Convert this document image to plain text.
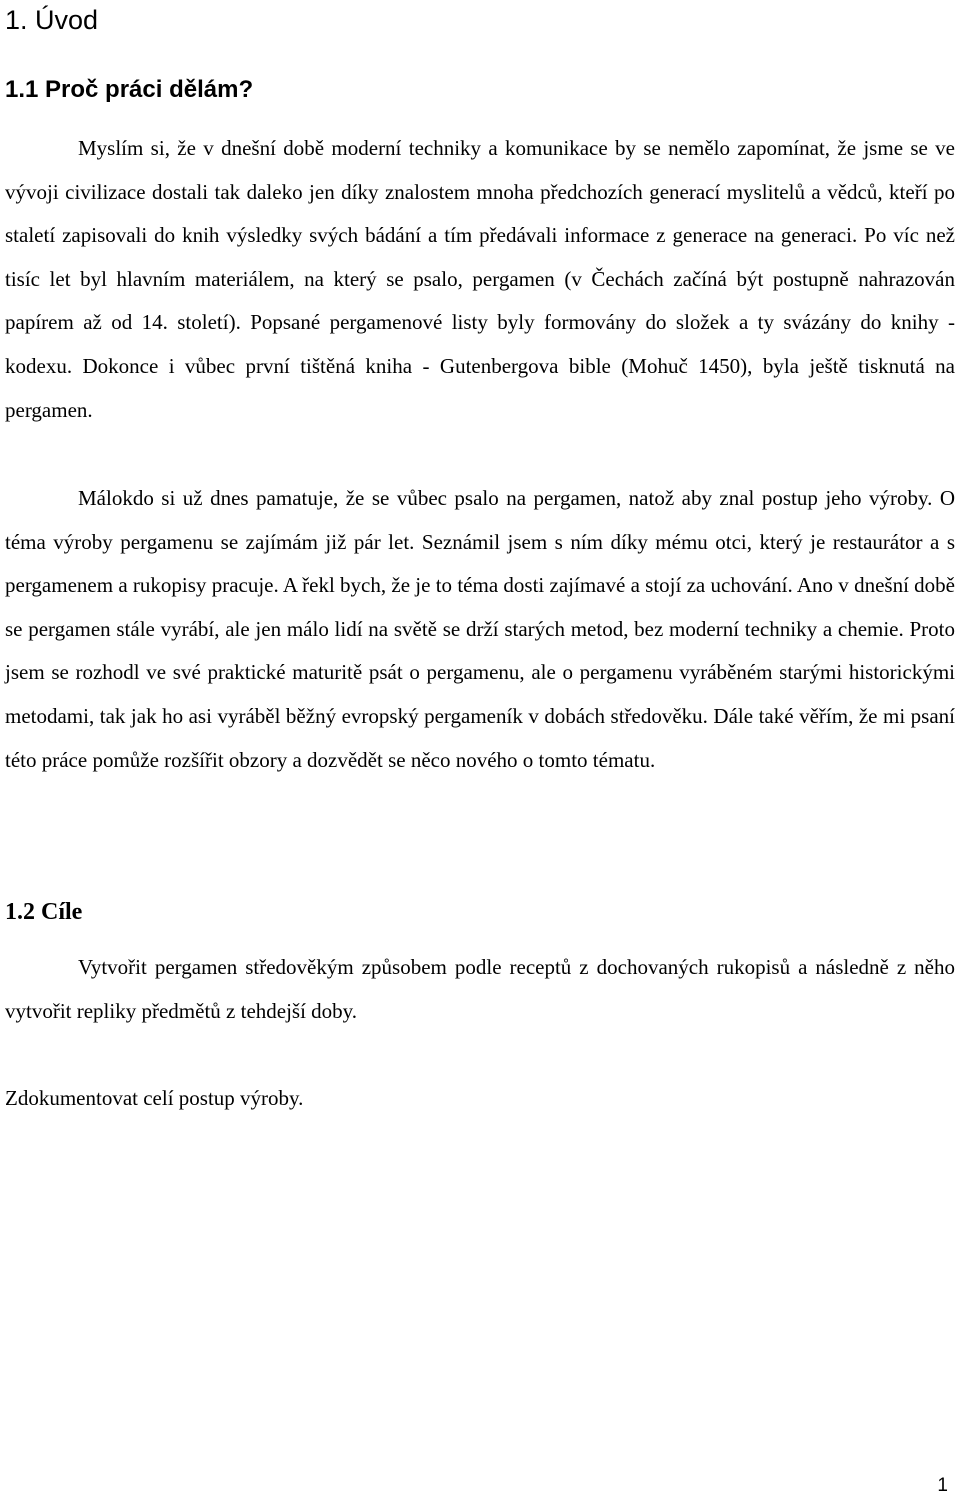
1. Úvod
1.1 Proč práci dělám?

Myslím si, že v dnešní době moderní techniky a komunikace by se nemělo zapomínat, že jsme se ve vývoji civilizace dostali tak daleko jen díky znalostem mnoha předchozích generací myslitelů a vědců, kteří po staletí zapisovali do knih výsledky svých bádání a tím předávali informace z generace na generaci. Po víc než tisíc let byl hlavním materiálem, na který se psalo, pergamen (v Čechách začíná být postupně nahrazován papírem až od 14. století). Popsané pergamenové listy byly formovány do složek a ty svázány do knihy - kodexu. Dokonce i vůbec první tištěná kniha - Gutenbergova bible (Mohuč 1450), byla ještě tisknutá na pergamen.

Málokdo si už dnes pamatuje, že se vůbec psalo na pergamen, natož aby znal postup jeho výroby. O téma výroby pergamenu se zajímám již pár let. Seznámil jsem s ním díky mému otci, který je restaurátor a s pergamenem a rukopisy pracuje. A řekl bych, že je to téma dosti zajímavé a stojí za uchování. Ano v dnešní době se pergamen stále vyrábí, ale jen málo lidí na světě se drží starých metod, bez moderní techniky a chemie. Proto jsem se rozhodl ve své praktické maturitě psát o pergamenu, ale o pergamenu vyráběném starými historickými metodami, tak jak ho asi vyráběl běžný evropský pergameník v dobách středověku. Dále také věřím, že mi psaní této práce pomůže rozšířit obzory a dozvědět se něco nového o tomto tématu.

1.2 Cíle

Vytvořit pergamen středověkým způsobem podle receptů z dochovaných rukopisů a následně z něho vytvořit repliky předmětů z tehdejší doby.

Zdokumentovat celí postup výroby.

1
